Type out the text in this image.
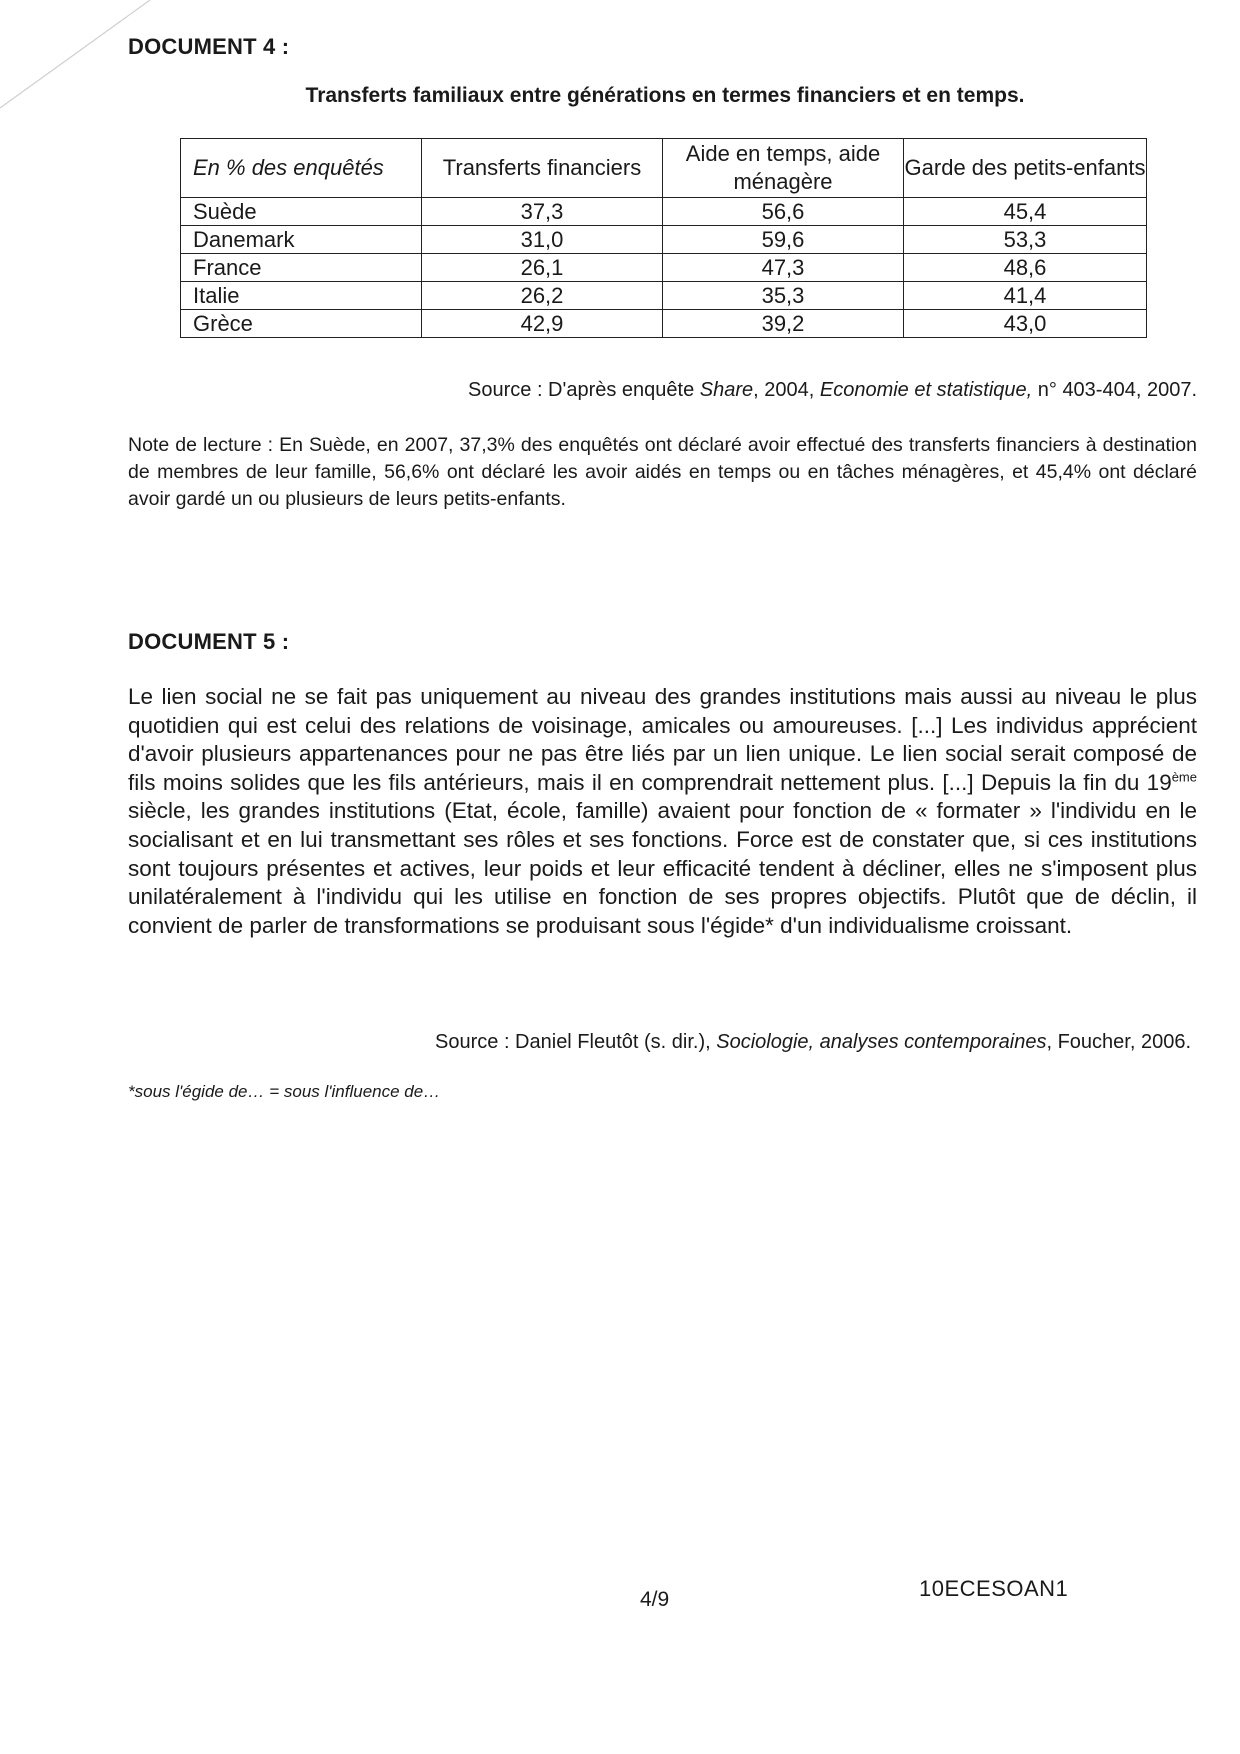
DOCUMENT 4 :
Transferts familiaux entre générations en termes financiers et en temps.
En % des enquêtés	Transferts financiers	Aide en temps, aide ménagère	Garde des petits-enfants
Suède	37,3	56,6	45,4
Danemark	31,0	59,6	53,3
France	26,1	47,3	48,6
Italie	26,2	35,3	41,4
Grèce	42,9	39,2	43,0
Source : D'après enquête Share, 2004, Economie et statistique, n° 403-404, 2007.
Note de lecture : En Suède, en 2007, 37,3% des enquêtés ont déclaré avoir effectué des transferts financiers à destination de membres de leur famille, 56,6% ont déclaré les avoir aidés en temps ou en tâches ménagères, et 45,4% ont déclaré avoir gardé un ou plusieurs de leurs petits-enfants.
DOCUMENT 5 :
Le lien social ne se fait pas uniquement au niveau des grandes institutions mais aussi au niveau le plus quotidien qui est celui des relations de voisinage, amicales ou amoureuses. [...] Les individus apprécient d'avoir plusieurs appartenances pour ne pas être liés par un lien unique. Le lien social serait composé de fils moins solides que les fils antérieurs, mais il en comprendrait nettement plus. [...] Depuis la fin du 19ème siècle, les grandes institutions (Etat, école, famille) avaient pour fonction de « formater » l'individu en le socialisant et en lui transmettant ses rôles et ses fonctions. Force est de constater que, si ces institutions sont toujours présentes et actives, leur poids et leur efficacité tendent à décliner, elles ne s'imposent plus unilatéralement à l'individu qui les utilise en fonction de ses propres objectifs. Plutôt que de déclin, il convient de parler de transformations se produisant sous l'égide* d'un individualisme croissant.
Source : Daniel Fleutôt (s. dir.), Sociologie, analyses contemporaines, Foucher, 2006.
*sous l'égide de… = sous l'influence de…
4/9	10ECESOAN1
